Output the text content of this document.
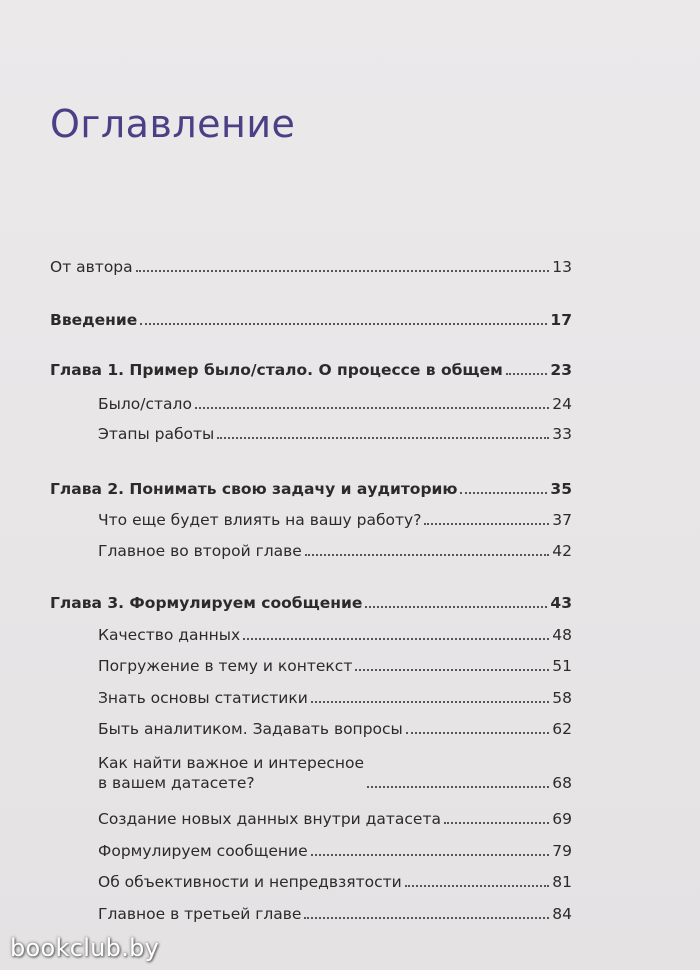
Оглавление
От автора	13
Введение	17
Глава 1. Пример было/стало. О процессе в общем	23
Было/стало	24
Этапы работы	33
Глава 2. Понимать свою задачу и аудиторию	35
Что еще будет влиять на вашу работу?	37
Главное во второй главе	42
Глава 3. Формулируем сообщение	43
Качество данных	48
Погружение в тему и контекст	51
Знать основы статистики	58
Быть аналитиком. Задавать вопросы	62
Как найти важное и интересное
в вашем датасете?	68
Создание новых данных внутри датасета	69
Формулируем сообщение	79
Об объективности и непредвзятости	81
Главное в третьей главе	84
bookclub.by
